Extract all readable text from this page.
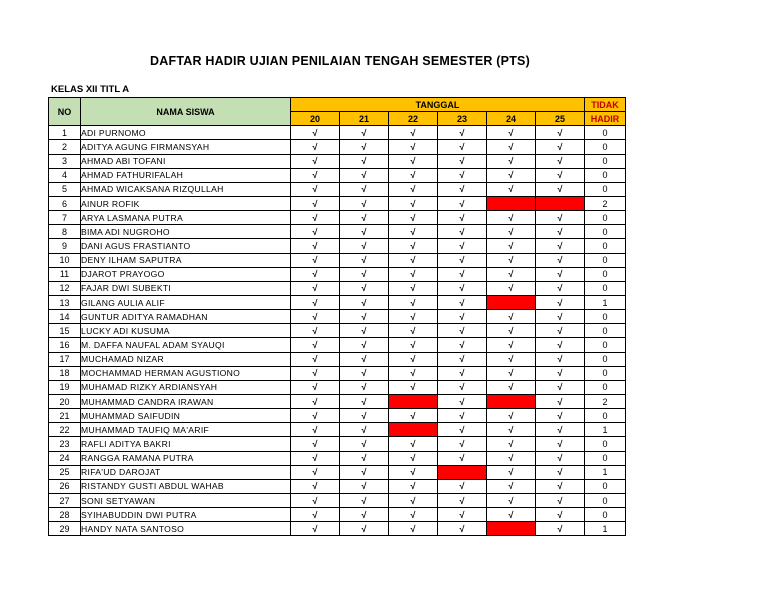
DAFTAR HADIR UJIAN PENILAIAN TENGAH SEMESTER (PTS)
KELAS XII TITL A
NO	NAMA SISWA	TANGGAL						TIDAK
		20	21	22	23	24	25	HADIR
1	ADI PURNOMO	√	√	√	√	√	√	0
2	ADITYA AGUNG FIRMANSYAH	√	√	√	√	√	√	0
3	AHMAD ABI TOFANI	√	√	√	√	√	√	0
4	AHMAD FATHURIFALAH	√	√	√	√	√	√	0
5	AHMAD WICAKSANA RIZQULLAH	√	√	√	√	√	√	0
6	AINUR ROFIK	√	√	√	√			2
7	ARYA LASMANA PUTRA	√	√	√	√	√	√	0
8	BIMA ADI NUGROHO	√	√	√	√	√	√	0
9	DANI AGUS FRASTIANTO	√	√	√	√	√	√	0
10	DENY ILHAM SAPUTRA	√	√	√	√	√	√	0
11	DJAROT PRAYOGO	√	√	√	√	√	√	0
12	FAJAR DWI SUBEKTI	√	√	√	√	√	√	0
13	GILANG AULIA ALIF	√	√	√	√		√	1
14	GUNTUR ADITYA RAMADHAN	√	√	√	√	√	√	0
15	LUCKY ADI KUSUMA	√	√	√	√	√	√	0
16	M. DAFFA NAUFAL ADAM SYAUQI	√	√	√	√	√	√	0
17	MUCHAMAD NIZAR	√	√	√	√	√	√	0
18	MOCHAMMAD HERMAN AGUSTIONO	√	√	√	√	√	√	0
19	MUHAMAD RIZKY ARDIANSYAH	√	√	√	√	√	√	0
20	MUHAMMAD CANDRA IRAWAN	√	√		√		√	2
21	MUHAMMAD SAIFUDIN	√	√	√	√	√	√	0
22	MUHAMMAD TAUFIQ MA'ARIF	√	√		√	√	√	1
23	RAFLI ADITYA BAKRI	√	√	√	√	√	√	0
24	RANGGA RAMANA PUTRA	√	√	√	√	√	√	0
25	RIFA'UD DAROJAT	√	√	√		√	√	1
26	RISTANDY GUSTI ABDUL WAHAB	√	√	√	√	√	√	0
27	SONI SETYAWAN	√	√	√	√	√	√	0
28	SYIHABUDDIN DWI PUTRA	√	√	√	√	√	√	0
29	HANDY NATA SANTOSO	√	√	√	√		√	1
